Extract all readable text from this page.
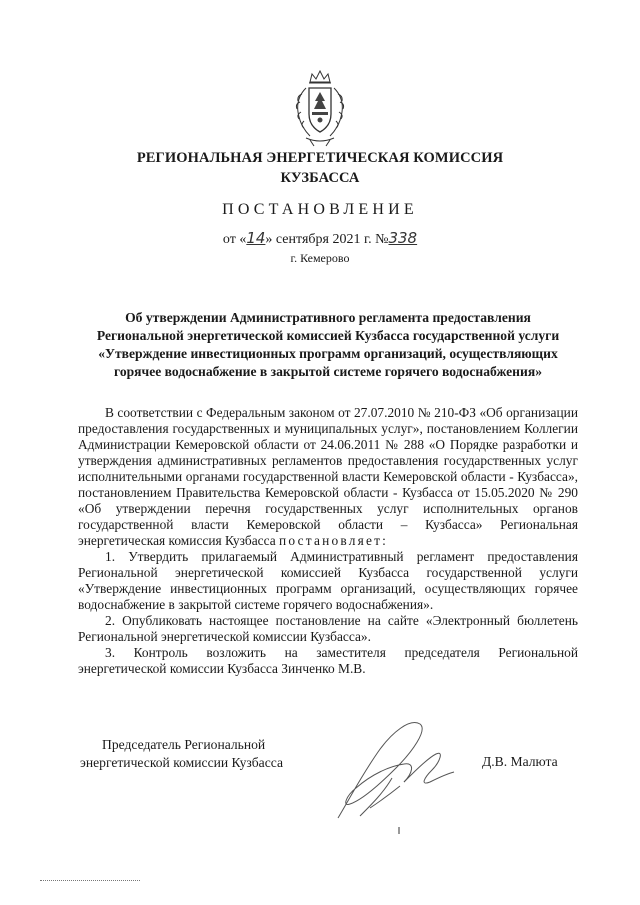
РЕГИОНАЛЬНАЯ ЭНЕРГЕТИЧЕСКАЯ КОМИССИЯ
КУЗБАССА
ПОСТАНОВЛЕНИЕ
от «14» сентября 2021 г. №338
г. Кемерово
Об утверждении Административного регламента предоставления
Региональной энергетической комиссией Кузбасса государственной услуги
«Утверждение инвестиционных программ организаций, осуществляющих
горячее водоснабжение в закрытой системе горячего водоснабжения»

В соответствии с Федеральным законом от 27.07.2010 № 210-ФЗ «Об организации предоставления государственных и муниципальных услуг», постановлением Коллегии Администрации Кемеровской области от 24.06.2011 № 288 «О Порядке разработки и утверждения административных регламентов предоставления государственных услуг исполнительными органами государственной власти Кемеровской области - Кузбасса», постановлением Правительства Кемеровской области - Кузбасса от 15.05.2020 № 290 «Об утверждении перечня государственных услуг исполнительных органов государственной власти Кемеровской области – Кузбасса» Региональная энергетическая комиссия Кузбасса постановляет:

1. Утвердить прилагаемый Административный регламент предоставления Региональной энергетической комиссией Кузбасса государственной услуги «Утверждение инвестиционных программ организаций, осуществляющих горячее водоснабжение в закрытой системе горячего водоснабжения».

2. Опубликовать настоящее постановление на сайте «Электронный бюллетень Региональной энергетической комиссии Кузбасса».

3. Контроль возложить на заместителя председателя Региональной энергетической комиссии Кузбасса Зинченко М.В.

Председатель Региональной
энергетической комиссии Кузбасса	Д.В. Малюта
